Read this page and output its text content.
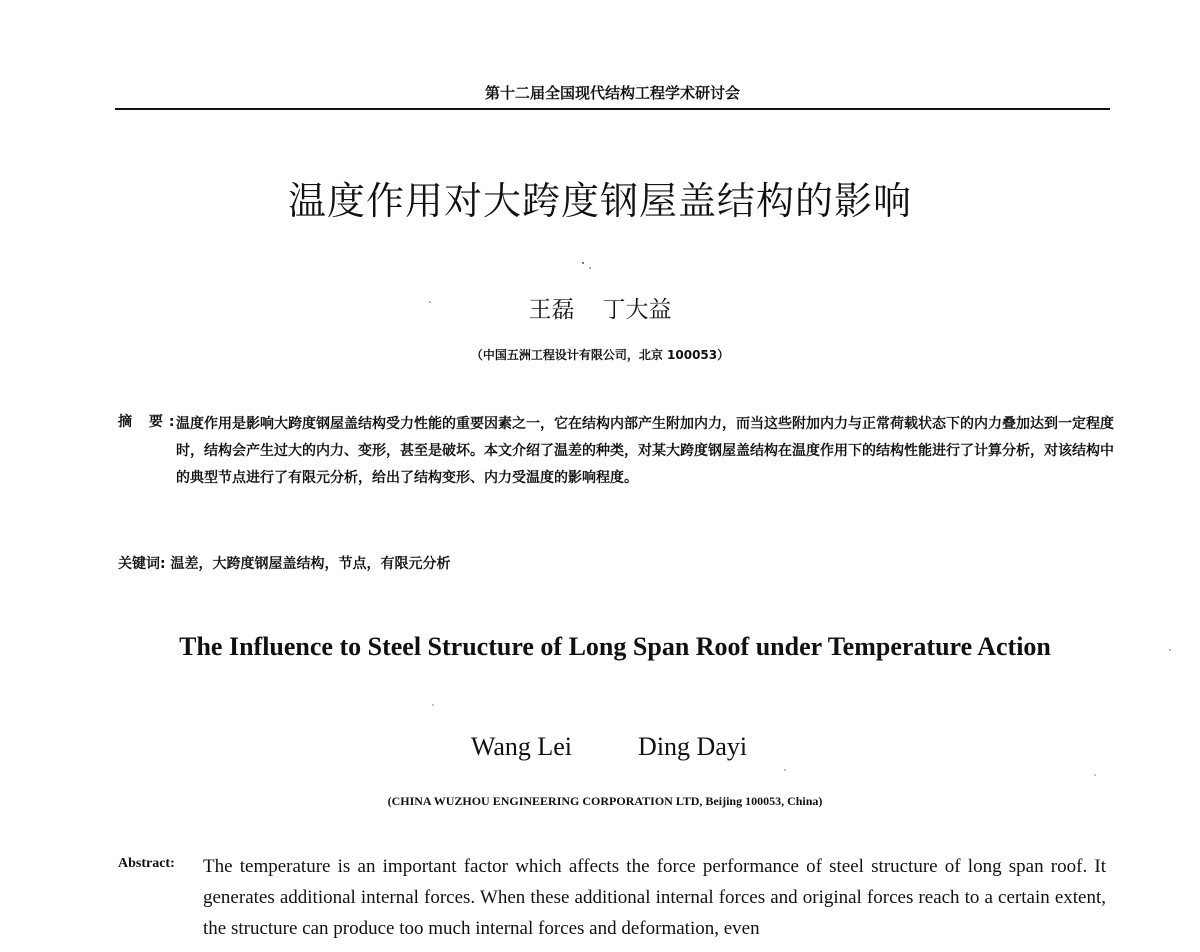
第十二届全国现代结构工程学术研讨会
温度作用对大跨度钢屋盖结构的影响
王磊 丁大益
（中国五洲工程设计有限公司，北京 100053）
摘 要:
温度作用是影响大跨度钢屋盖结构受力性能的重要因素之一，它在结构内部产生附加内力，而当这些附加内力与正常荷载状态下的内力叠加达到一定程度时，结构会产生过大的内力、变形，甚至是破坏。本文介绍了温差的种类，对某大跨度钢屋盖结构在温度作用下的结构性能进行了计算分析，对该结构中的典型节点进行了有限元分析，给出了结构变形、内力受温度的影响程度。
关键词: 温差，大跨度钢屋盖结构，节点，有限元分析
The Influence to Steel Structure of Long Span Roof under Temperature Action
Wang Lei	Ding Dayi
(CHINA WUZHOU ENGINEERING CORPORATION LTD, Beijing 100053, China)
Abstract: The temperature is an important factor which affects the force performance of steel structure of long span roof. It generates additional internal forces. When these additional internal forces and original forces reach to a certain extent, the structure can produce too much internal forces and deformation, even
